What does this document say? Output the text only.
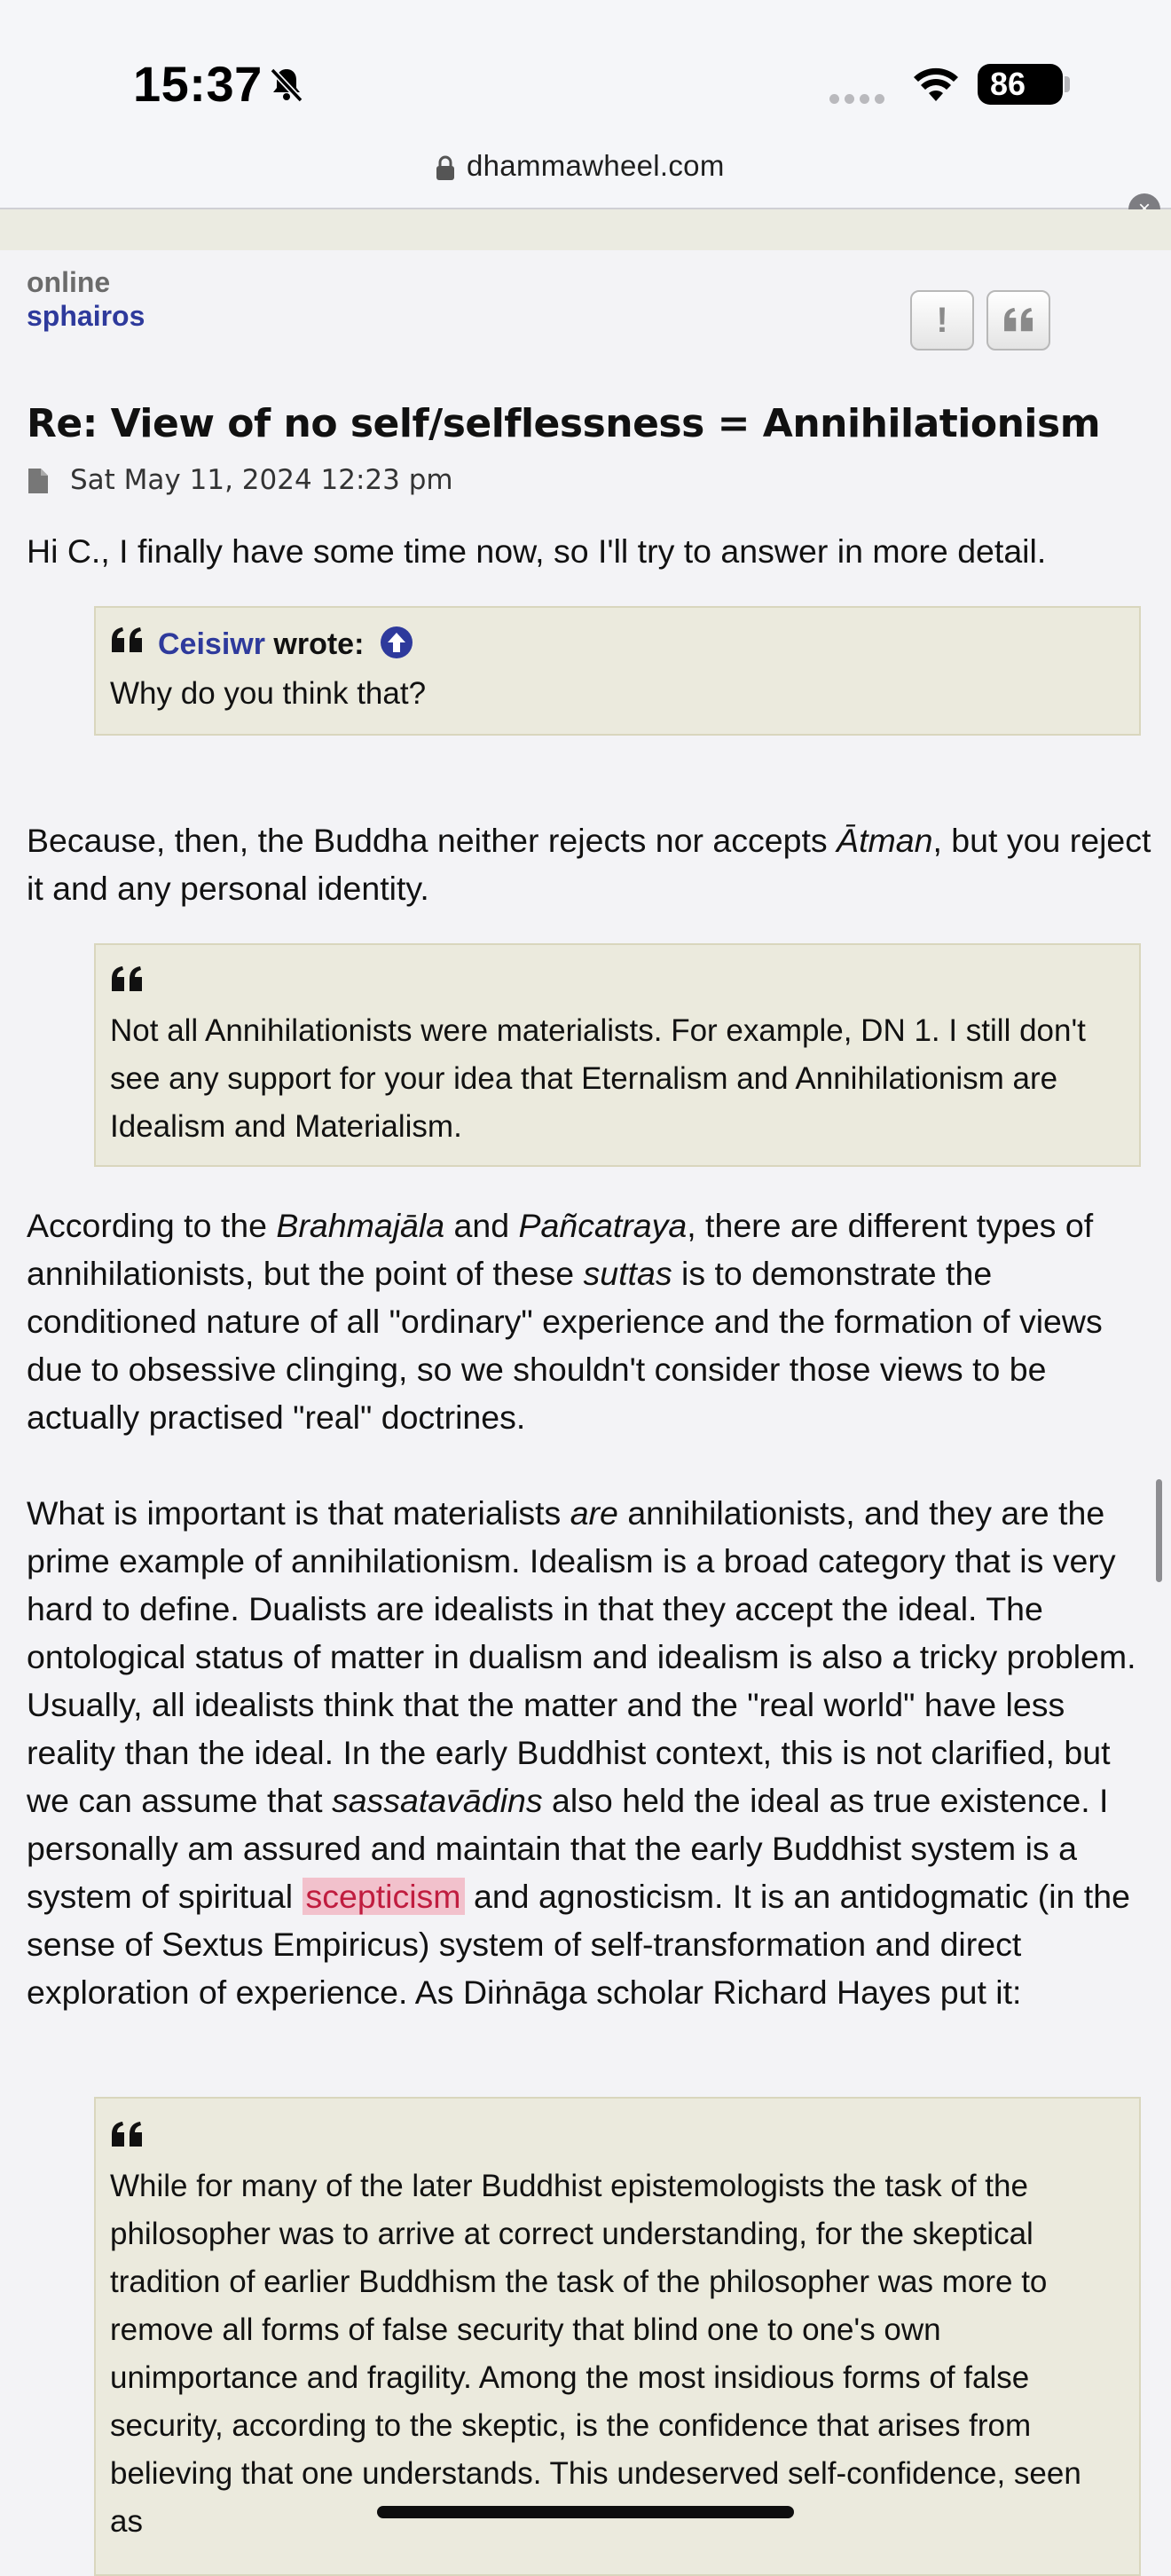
15:37	86
dhammawheel.com
online
sphairos	!
Re: View of no self/selflessness = Annihilationism
Sat May 11, 2024 12:23 pm

Hi C., I finally have some time now, so I'll try to answer in more detail.

Ceisiwr wrote:

Why do you think that?

Because, then, the Buddha neither rejects nor accepts Ātman, but you reject it and any personal identity.

Not all Annihilationists were materialists. For example, DN 1. I still don't see any support for your idea that Eternalism and Annihilationism are Idealism and Materialism.

According to the Brahmajāla and Pañcatraya, there are different types of annihilationists, but the point of these suttas is to demonstrate the conditioned nature of all "ordinary" experience and the formation of views due to obsessive clinging, so we shouldn't consider those views to be actually practised "real" doctrines.

What is important is that materialists are annihilationists, and they are the prime example of annihilationism. Idealism is a broad category that is very hard to define. Dualists are idealists in that they accept the ideal. The ontological status of matter in dualism and idealism is also a tricky problem. Usually, all idealists think that the matter and the "real world" have less reality than the ideal. In the early Buddhist context, this is not clarified, but we can assume that sassatavādins also held the ideal as true existence. I personally am assured and maintain that the early Buddhist system is a system of spiritual scepticism and agnosticism. It is an antidogmatic (in the sense of Sextus Empiricus) system of self-transformation and direct exploration of experience. As Diṅnāga scholar Richard Hayes put it:

While for many of the later Buddhist epistemologists the task of the philosopher was to arrive at correct understanding, for the skeptical tradition of earlier Buddhism the task of the philosopher was more to remove all forms of false security that blind one to one's own unimportance and fragility. Among the most insidious forms of false security, according to the skeptic, is the confidence that arises from believing that one understands. This undeserved self-confidence, seen as
